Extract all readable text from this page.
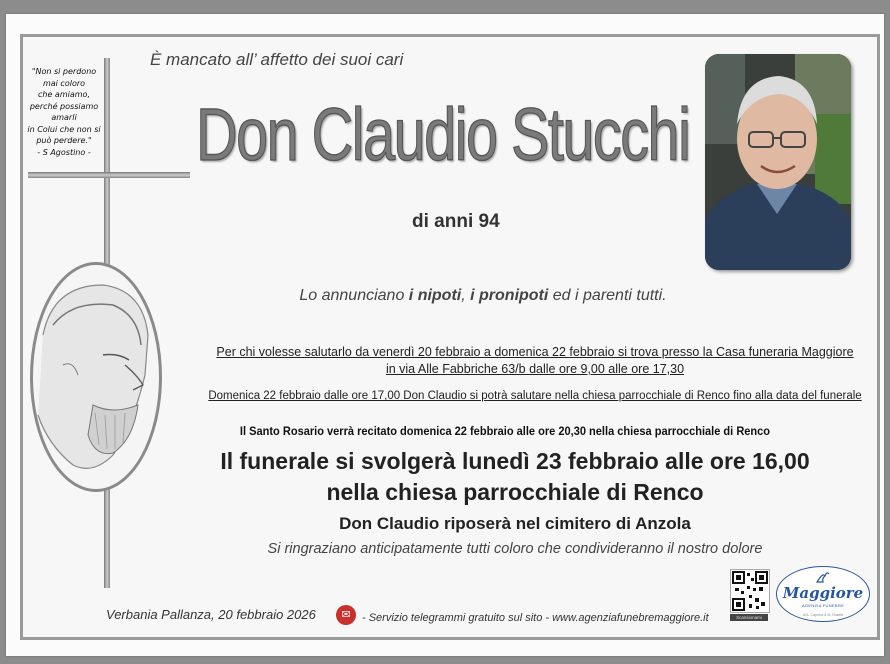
"Non si perdono
mai coloro
che amiamo,
perché possiamo
amarli
in Colui che non si
può perdere."
- S Agostino -
È mancato all’ affetto dei suoi cari
Don Claudio Stucchi
di anni 94
Lo annunciano i nipoti, i pronipoti ed i parenti tutti.
Per chi volesse salutarlo da venerdì 20 febbraio a domenica 22 febbraio si trova presso la Casa funeraria Maggiore
in via Alle Fabbriche 63/b dalle ore 9,00 alle ore 17,30
Domenica 22 febbraio dalle ore 17,00 Don Claudio si potrà salutare nella chiesa parrocchiale di Renco fino alla data del funerale
Il Santo Rosario verrà recitato domenica 22 febbraio alle ore 20,30 nella chiesa parrocchiale di Renco
Il funerale si svolgerà lunedì 23 febbraio alle ore 16,00
nella chiesa parrocchiale di Renco
Don Claudio riposerà nel cimitero di Anzola
Si ringraziano anticipatamente tutti coloro che condivideranno il nostro dolore
Verbania Pallanza, 20 febbraio 2026	✉	- Servizio telegrammi gratuito sul sito - www.agenziafunebremaggiore.it	Scansionami
Maggiore
AGENZIA FUNEBRE
di A. Caprera & M. Rosetti
